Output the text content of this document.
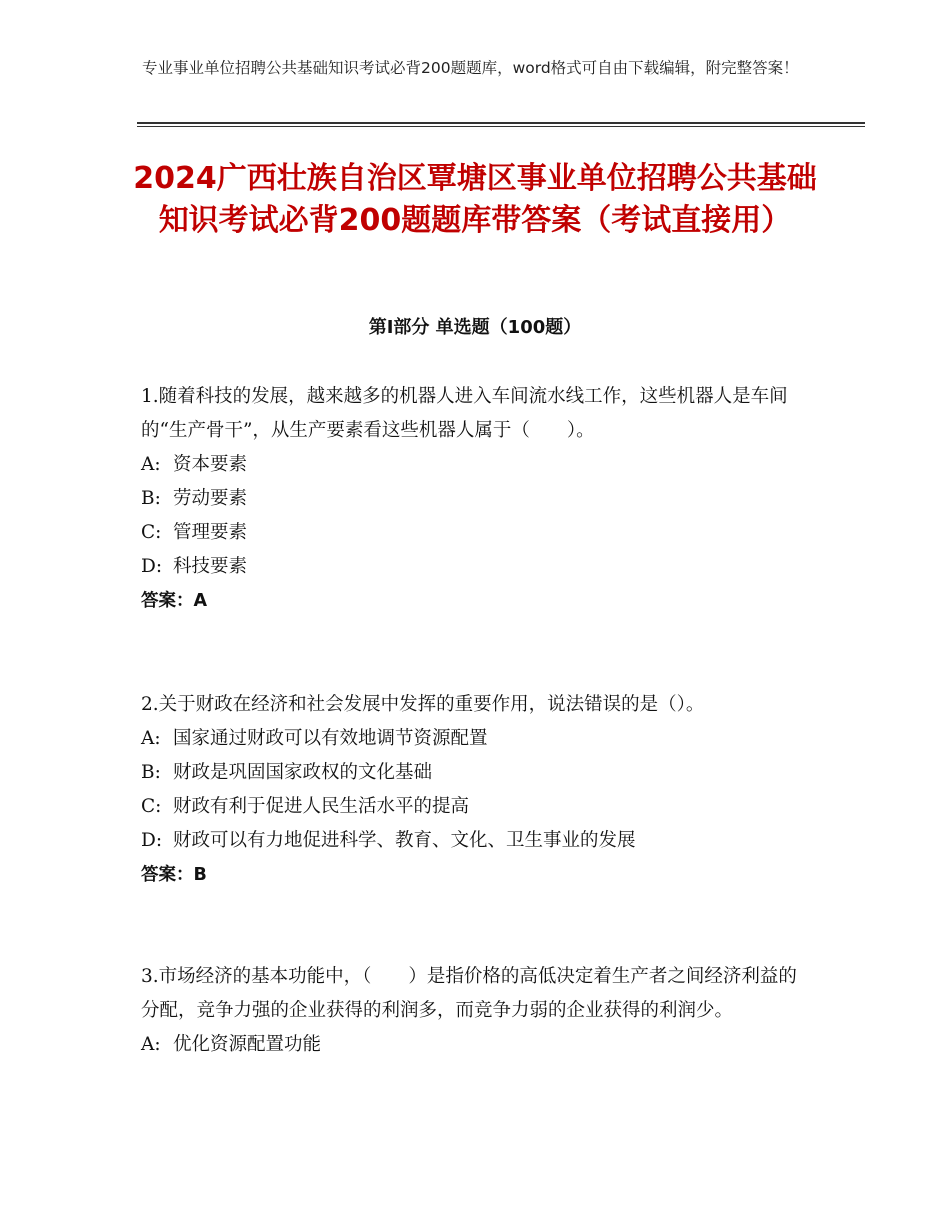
专业事业单位招聘公共基础知识考试必背200题题库，word格式可自由下载编辑，附完整答案！
2024广西壮族自治区覃塘区事业单位招聘公共基础知识考试必背200题题库带答案（考试直接用）
第I部分 单选题（100题）

1.随着科技的发展，越来越多的机器人进入车间流水线工作，这些机器人是车间的“生产骨干”，从生产要素看这些机器人属于（　　）。

A: 资本要素

B: 劳动要素

C: 管理要素

D: 科技要素

答案：A

2.关于财政在经济和社会发展中发挥的重要作用，说法错误的是（）。

A: 国家通过财政可以有效地调节资源配置

B: 财政是巩固国家政权的文化基础

C: 财政有利于促进人民生活水平的提高

D: 财政可以有力地促进科学、教育、文化、卫生事业的发展

答案：B

3.市场经济的基本功能中，（　　）是指价格的高低决定着生产者之间经济利益的分配，竞争力强的企业获得的利润多，而竞争力弱的企业获得的利润少。

A: 优化资源配置功能
